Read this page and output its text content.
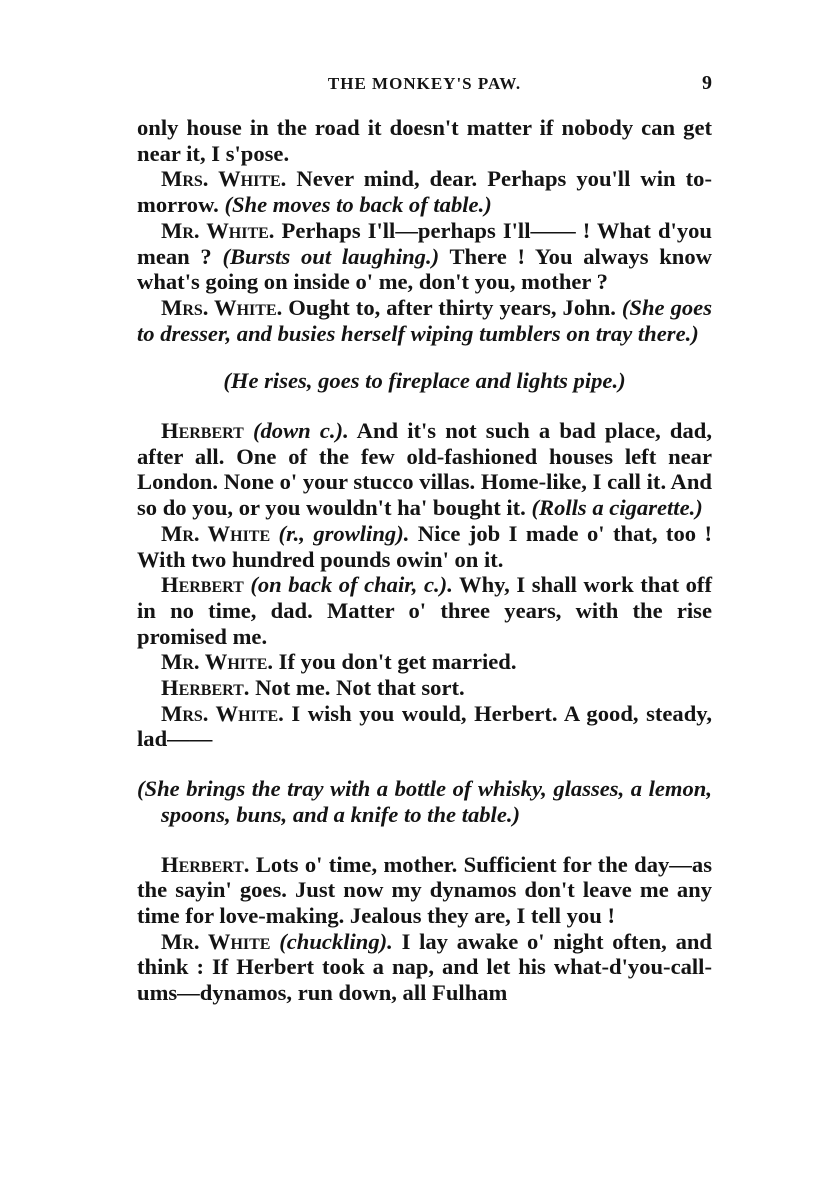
THE MONKEY'S PAW.	9

only house in the road it doesn't matter if nobody can get near it, I s'pose.

Mrs. White. Never mind, dear. Perhaps you'll win to-morrow. (She moves to back of table.)

Mr. White. Perhaps I'll—perhaps I'll—— ! What d'you mean ? (Bursts out laughing.) There ! You always know what's going on inside o' me, don't you, mother ?

Mrs. White. Ought to, after thirty years, John. (She goes to dresser, and busies herself wiping tumblers on tray there.)

(He rises, goes to fireplace and lights pipe.)

Herbert (down c.). And it's not such a bad place, dad, after all. One of the few old-fashioned houses left near London. None o' your stucco villas. Home-like, I call it. And so do you, or you wouldn't ha' bought it. (Rolls a cigarette.)

Mr. White (r., growling). Nice job I made o' that, too ! With two hundred pounds owin' on it.

Herbert (on back of chair, c.). Why, I shall work that off in no time, dad. Matter o' three years, with the rise promised me.

Mr. White. If you don't get married.

Herbert. Not me. Not that sort.

Mrs. White. I wish you would, Herbert. A good, steady, lad——

(She brings the tray with a bottle of whisky, glasses, a lemon, spoons, buns, and a knife to the table.)

Herbert. Lots o' time, mother. Sufficient for the day—as the sayin' goes. Just now my dynamos don't leave me any time for love-making. Jealous they are, I tell you !

Mr. White (chuckling). I lay awake o' night often, and think : If Herbert took a nap, and let his what-d'you-call-ums—dynamos, run down, all Fulham
